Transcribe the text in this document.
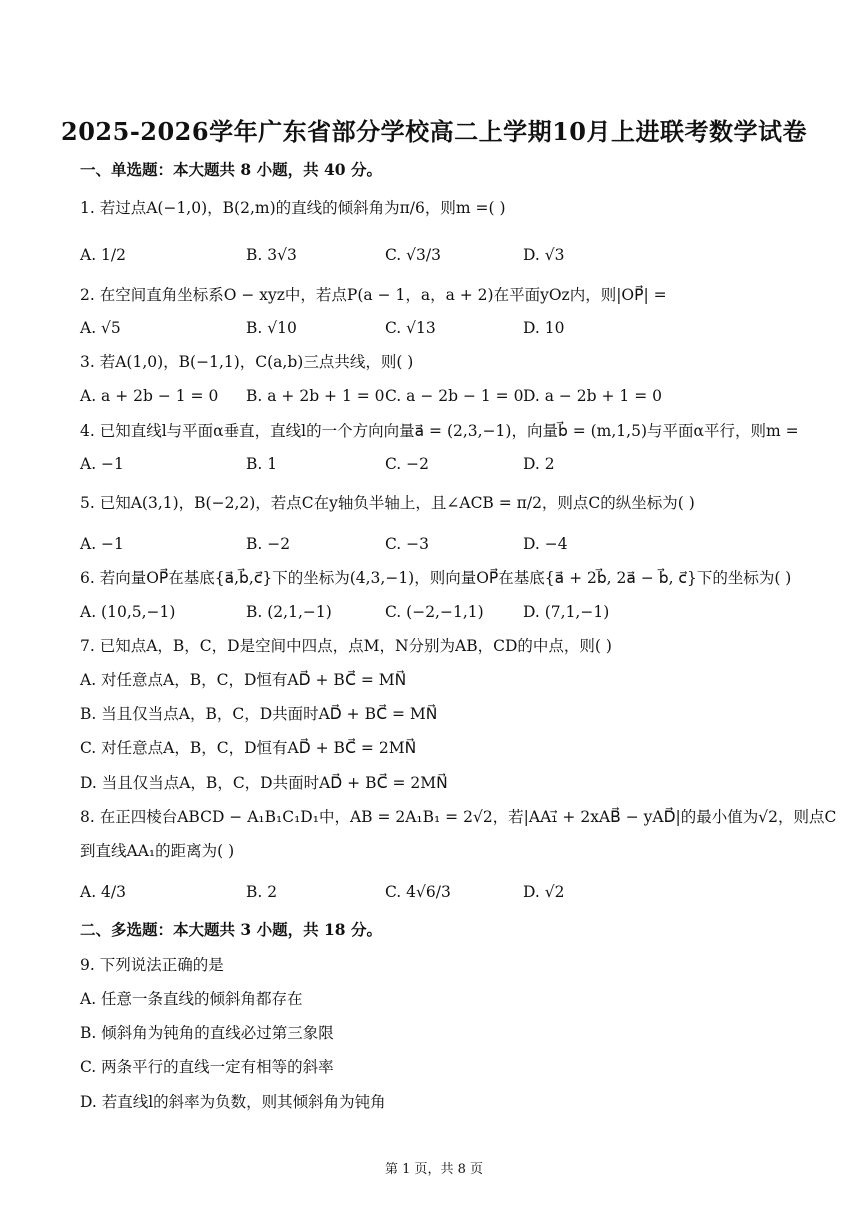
2025-2026学年广东省部分学校高二上学期10月上进联考数学试卷
一、单选题：本大题共 8 小题，共 40 分。
1. 若过点A(−1,0)，B(2,m)的直线的倾斜角为π/6，则m =( )
A. 1/2	B. 3√3	C. √3/3	D. √3
2. 在空间直角坐标系O − xyz中，若点P(a − 1，a，a + 2)在平面yOz内，则|OP⃗| =
A. √5	B. √10	C. √13	D. 10
3. 若A(1,0)，B(−1,1)，C(a,b)三点共线，则( )
A. a + 2b − 1 = 0 B. a + 2b + 1 = 0 C. a − 2b − 1 = 0 D. a − 2b + 1 = 0
4. 已知直线l与平面α垂直，直线l的一个方向向量a⃗ = (2,3,−1)，向量b⃗ = (m,1,5)与平面α平行，则m =
A. −1	B. 1	C. −2	D. 2
5. 已知A(3,1)，B(−2,2)，若点C在y轴负半轴上，且∠ACB = π/2，则点C的纵坐标为( )
A. −1	B. −2	C. −3	D. −4
6. 若向量OP⃗在基底{a⃗,b⃗,c⃗}下的坐标为(4,3,−1)，则向量OP⃗在基底{a⃗ + 2b⃗, 2a⃗ − b⃗, c⃗}下的坐标为( )
A. (10,5,−1)	B. (2,1,−1)	C. (−2,−1,1)	D. (7,1,−1)
7. 已知点A，B，C，D是空间中四点，点M，N分别为AB，CD的中点，则( )
A. 对任意点A，B，C，D恒有AD⃗ + BC⃗ = MN⃗
B. 当且仅当点A，B，C，D共面时AD⃗ + BC⃗ = MN⃗
C. 对任意点A，B，C，D恒有AD⃗ + BC⃗ = 2MN⃗
D. 当且仅当点A，B，C，D共面时AD⃗ + BC⃗ = 2MN⃗
8. 在正四棱台ABCD − A₁B₁C₁D₁中，AB = 2A₁B₁ = 2√2，若|AA₁⃗ + 2xAB⃗ − yAD⃗|的最小值为√2，则点C
到直线AA₁的距离为( )
A. 4/3	B. 2	C. 4√6/3	D. √2
二、多选题：本大题共 3 小题，共 18 分。
9. 下列说法正确的是
A. 任意一条直线的倾斜角都存在
B. 倾斜角为钝角的直线必过第三象限
C. 两条平行的直线一定有相等的斜率
D. 若直线l的斜率为负数，则其倾斜角为钝角
第 1 页，共 8 页
